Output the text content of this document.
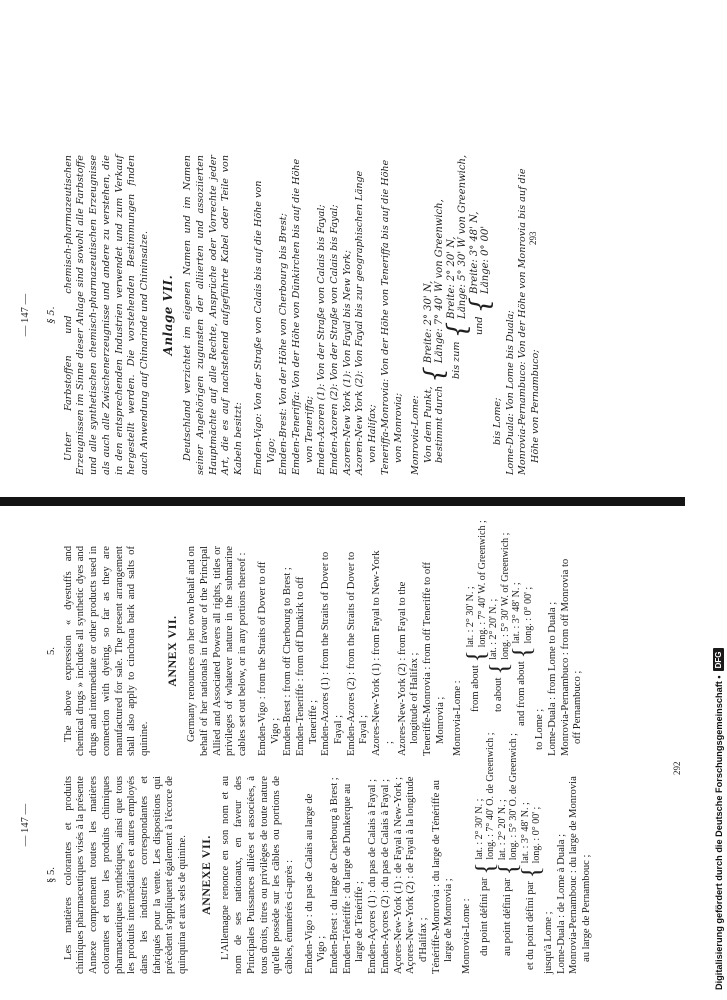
— 147 —

§ 5. Les matières colorantes et produits chimiques pharmaceutiques visés à la présente Annexe comprennent toutes les matières colorantes et tous les produits chimiques pharmaceutiques synthétiques, ainsi que tous les produits intermédiaires et autres employés dans les industries correspondantes et fabriqués pour la vente. Les dispositions qui précèdent s'appliquent également à l'écorce de quinquina et aux sels de quinine. ANNEXE VII. L'Allemagne renonce en son nom et au nom de ses nationaux, en faveur des Principales Puissances alliées et associées, à tous droits, titres ou privilèges de toute nature qu'elle possède sur les câbles ou portions de câbles, énumérés ci-après : Emden-Vigo : du pas de Calais au large de Vigo ; Emden-Brest : du large de Cherbourg à Brest ; Emden-Ténériffe : du large de Dunkerque au large de Ténériffe ; Emden-Açores (1) : du pas de Calais à Fayal ; Emden-Açores (2) : du pas de Calais à Fayal ; Açores-New-York (1) : de Fayal à New-York ; Açores-New-York (2) : de Fayal à la longitude d'Halifax ; Ténériffe-Monrovia : du large de Ténériffe au large de Monrovia ; Monrovia-Lome : du point défini par { lat. : 2° 30' N. ;
long. : 7° 40' O. de Greenwich ;
au point défini par { lat. : 2° 20' N. ;
long. : 5° 30' O. de Greenwich ;
et du point défini par { lat. : 3° 48' N. ;
long. : 0° 00' ;

jusqu'à Lome ; Lome-Duala : de Lome à Duala ; Monrovia-Pernambouc : du large de Monrovia au large de Pernambouc ;

5. The above expression « dyestuffs and chemical drugs » includes all synthetic dyes and drugs and intermediate or other products used in connection with dyeing, so far as they are manufactured for sale. The present arrangement shall also apply to cinchona bark and salts of quinine.

ANNEX VII. Germany renounces on her own behalf and on behalf of her nationals in favour of the Principal Allied and Associated Powers all rights, titles or privileges of whatever nature in the submarine cables set out below, or in any portions thereof : Emden-Vigo : from the Straits of Dover to off Vigo ; Emden-Brest : from off Cherbourg to Brest ; Emden-Teneriffe : from off Dunkirk to off Teneriffe ; Emden-Azores (1) : from the Straits of Dover to Fayal ; Emden-Azores (2) : from the Straits of Dover to Fayal ; Azores-New-York (1) : from Fayal to New-York ; Azores-New-York (2) : from Fayal to the longitude of Halifax ; Teneriffe-Monrovia : from off Teneriffe to off Monrovia ; Monrovia-Lome : from about { lat. : 2° 30' N. ;
long. : 7° 40' W. of Greenwich ;
to about { lat. : 2° 20' N. ;
long. : 5° 30' W. of Greenwich ;
and from about { lat. : 3° 48' N. ;
long. : 0° 00' ;

to Lome ; Lome-Duala : from Lome to Duala ; Monrovia-Pernambuco : from off Monrovia to off Pernambuco ;

292
— 147 — § 5. Unter Farbstoffen und chemisch-pharmazeutischen Erzeugnissen im Sinne dieser Anlage sind sowohl alle Farbstoffe und alle synthetischen chemisch-pharmazeutischen Erzeugnisse als auch alle Zwischenerzeugnisse und andere zu verstehen, die in den entsprechenden Industrien verwendet und zum Verkauf hergestellt werden. Die vorstehenden Bestimmungen finden auch Anwendung auf Chinarinde und Chininsalze. Anlage VII. Deutschland verzichtet im eigenen Namen und im Namen seiner Angehörigen zugunsten der alliierten und assoziierten Hauptmächte auf alle Rechte, Ansprüche oder Vorrechte jeder Art, die es auf nachstehend aufgeführte Kabel oder Teile von Kabeln besitzt: Emden-Vigo: Von der Straße von Calais bis auf die Höhe von Vigo; Emden-Brest: Von der Höhe von Cherbourg bis Brest; Emden-Teneriffa: Von der Höhe von Dünkirchen bis auf die Höhe von Teneriffa; Emden-Azoren (1): Von der Straße von Calais bis Fayal; Emden-Azoren (2): Von der Straße von Calais bis Fayal; Azoren-New York (1): Von Fayal bis New York; Azoren-New York (2): Von Fayal bis zur geographischen Länge von Halifax; Teneriffa-Monrovia: Von der Höhe von Teneriffa bis auf die Höhe von Monrovia; Monrovia-Lome: Von dem Punkt,
bestimmt durch { Breite: 2° 30' N,
Länge: 7° 40' W von Greenwich, bis zum { Breite: 2° 20' N,
Länge: 5° 30' W von Greenwich,
und { Breite: 3° 48' N,
Länge: 0° 00'

bis Lome; Lome-Duala: Von Lome bis Duala; Monrovia-Pernambuco: Von der Höhe von Monrovia bis auf die Höhe von Pernambuco;

293
Digitalisierung gefördert durch die Deutsche Forschungsgemeinschaft •
DFG
